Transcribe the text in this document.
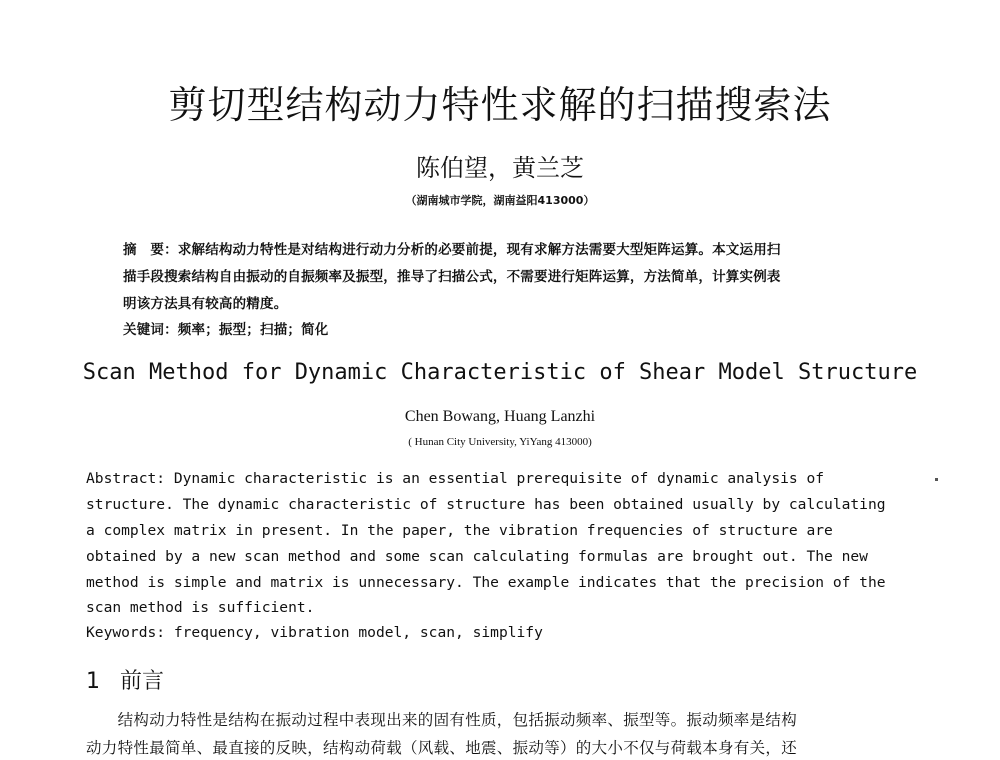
剪切型结构动力特性求解的扫描搜索法
陈伯望，黄兰芝
（湖南城市学院，湖南益阳413000）
摘　要：求解结构动力特性是对结构进行动力分析的必要前提，现有求解方法需要大型矩阵运算。本文运用扫
描手段搜索结构自由振动的自振频率及振型，推导了扫描公式，不需要进行矩阵运算，方法简单，计算实例表
明该方法具有较高的精度。
关键词：频率；振型；扫描；简化
Scan Method for Dynamic Characteristic of Shear Model Structure
Chen Bowang, Huang Lanzhi
( Hunan City University, YiYang 413000)
Abstract: Dynamic characteristic is an essential prerequisite of dynamic analysis of
structure. The dynamic characteristic of structure has been obtained usually by calculating
a complex matrix in present. In the paper, the vibration frequencies of structure are
obtained by a new scan method and some scan calculating formulas are brought out. The new
method is simple and matrix is unnecessary. The example indicates that the precision of the
scan method is sufficient.
Keywords: frequency, vibration model, scan, simplify
1 前言
　　结构动力特性是结构在振动过程中表现出来的固有性质，包括振动频率、振型等。振动频率是结构
动力特性最简单、最直接的反映，结构动荷载（风载、地震、振动等）的大小不仅与荷载本身有关，还
